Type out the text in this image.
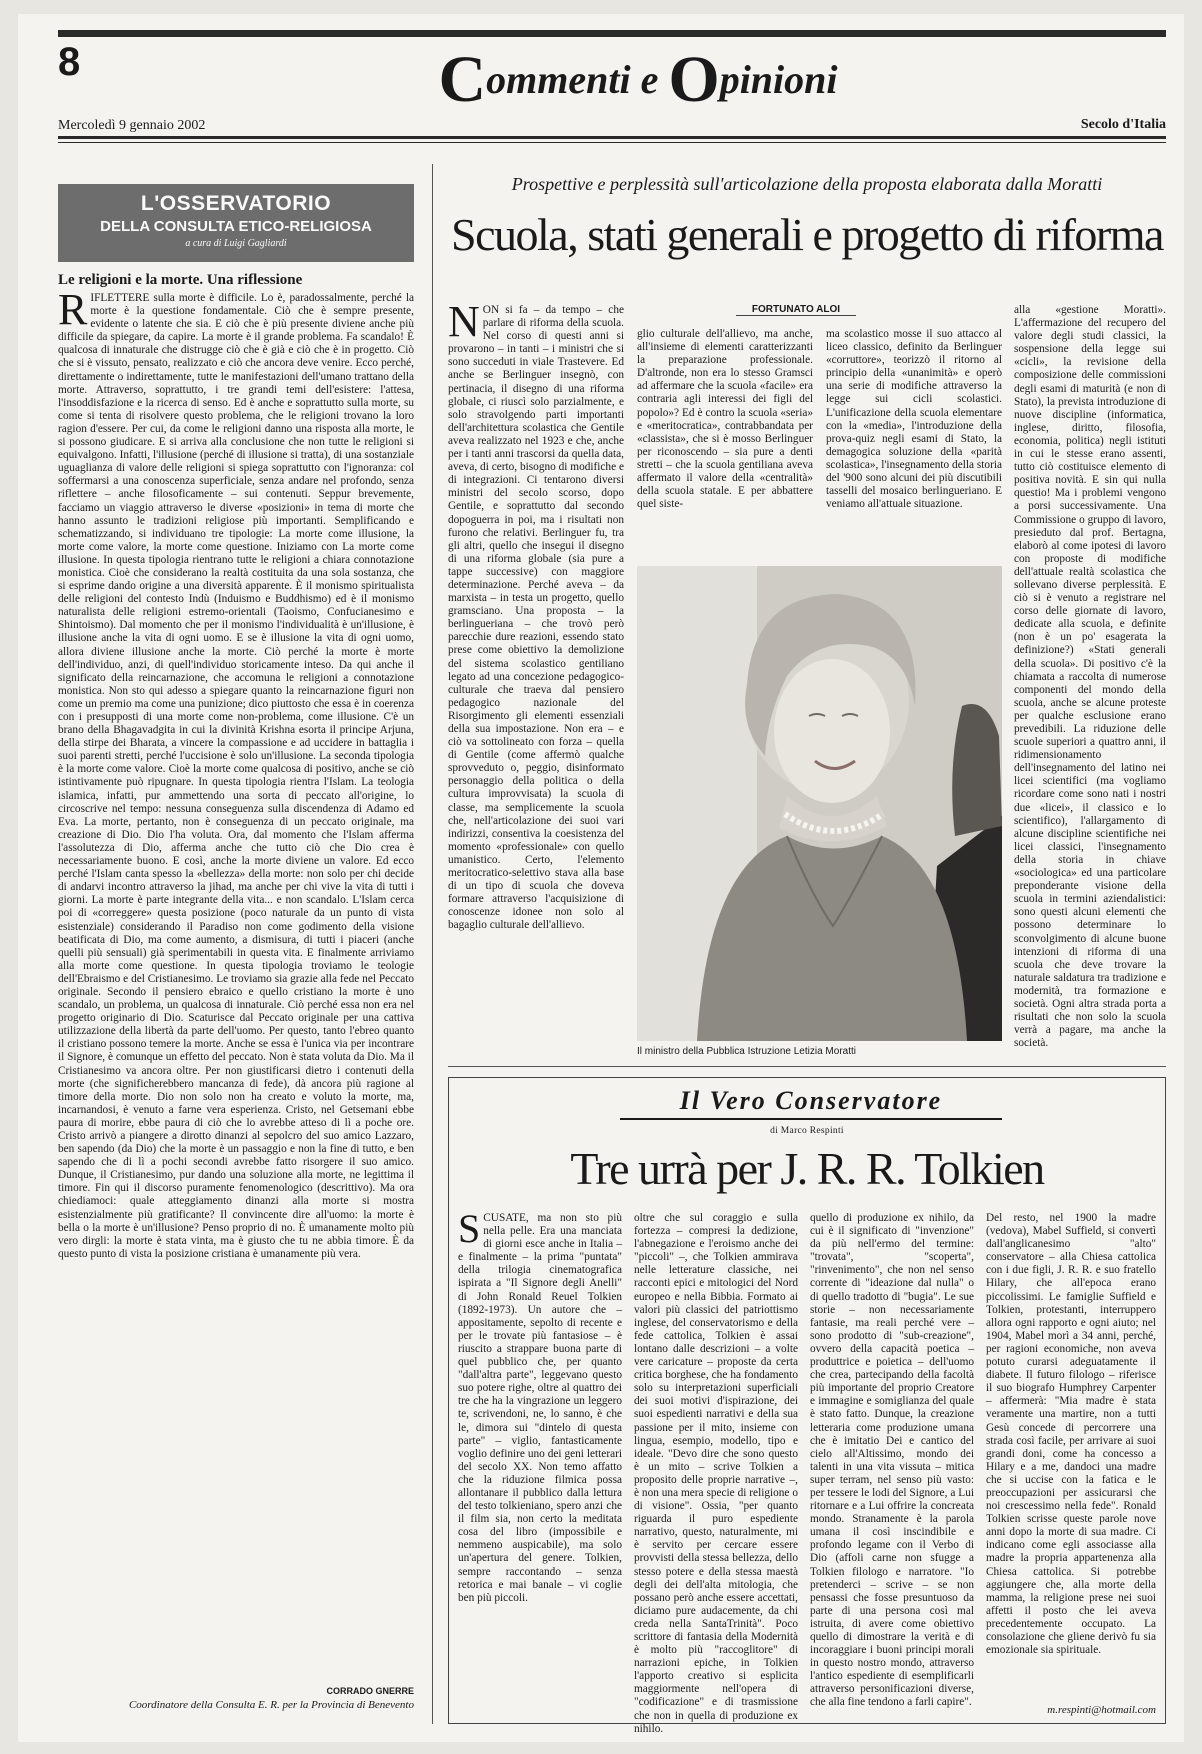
8	Commenti e Opinioni
Mercoledì 9 gennaio 2002	Secolo d'Italia
L'OSSERVATORIO
DELLA CONSULTA ETICO-RELIGIOSA
a cura di Luigi Gagliardi
Le religioni e la morte. Una riflessione
RIFLETTERE sulla morte è difficile. Lo è, paradossalmente, perché la morte è la questione fondamentale. Ciò che è sempre presente, evidente o latente che sia. E ciò che è più presente diviene anche più difficile da spiegare, da capire. La morte è il grande problema. Fa scandalo! È qualcosa di innaturale che distrugge ciò che è già e ciò che è in progetto. Ciò che si è vissuto, pensato, realizzato e ciò che ancora deve venire. Ecco perché, direttamente o indirettamente, tutte le manifestazioni dell'umano trattano della morte. Attraverso, soprattutto, i tre grandi temi dell'esistere: l'attesa, l'insoddisfazione e la ricerca di senso. Ed è anche e soprattutto sulla morte, su come si tenta di risolvere questo problema, che le religioni trovano la loro ragion d'essere. Per cui, da come le religioni danno una risposta alla morte, le si possono giudicare. E si arriva alla conclusione che non tutte le religioni si equivalgono. Infatti, l'illusione (perché di illusione si tratta), di una sostanziale uguaglianza di valore delle religioni si spiega soprattutto con l'ignoranza: col soffermarsi a una conoscenza superficiale, senza andare nel profondo, senza riflettere – anche filosoficamente – sui contenuti. Seppur brevemente, facciamo un viaggio attraverso le diverse «posizioni» in tema di morte che hanno assunto le tradizioni religiose più importanti. Semplificando e schematizzando, si individuano tre tipologie: La morte come illusione, la morte come valore, la morte come questione. Iniziamo con La morte come illusione. In questa tipologia rientrano tutte le religioni a chiara connotazione monistica. Cioè che considerano la realtà costituita da una sola sostanza, che si esprime dando origine a una diversità apparente. È il monismo spiritualista delle religioni del contesto Indù (Induismo e Buddhismo) ed è il monismo naturalista delle religioni estremo-orientali (Taoismo, Confucianesimo e Shintoismo). Dal momento che per il monismo l'individualità è un'illusione, è illusione anche la vita di ogni uomo. E se è illusione la vita di ogni uomo, allora diviene illusione anche la morte. Ciò perché la morte è morte dell'individuo, anzi, di quell'individuo storicamente inteso. Da qui anche il significato della reincarnazione, che accomuna le religioni a connotazione monistica. Non sto qui adesso a spiegare quanto la reincarnazione figuri non come un premio ma come una punizione; dico piuttosto che essa è in coerenza con i presupposti di una morte come non-problema, come illusione. C'è un brano della Bhagavadgita in cui la divinità Krishna esorta il principe Arjuna, della stirpe dei Bharata, a vincere la compassione e ad uccidere in battaglia i suoi parenti stretti, perché l'uccisione è solo un'illusione. La seconda tipologia è la morte come valore. Cioè la morte come qualcosa di positivo, anche se ciò istintivamente può ripugnare. In questa tipologia rientra l'Islam. La teologia islamica, infatti, pur ammettendo una sorta di peccato all'origine, lo circoscrive nel tempo: nessuna conseguenza sulla discendenza di Adamo ed Eva. La morte, pertanto, non è conseguenza di un peccato originale, ma creazione di Dio. Dio l'ha voluta. Ora, dal momento che l'Islam afferma l'assolutezza di Dio, afferma anche che tutto ciò che Dio crea è necessariamente buono. E così, anche la morte diviene un valore. Ed ecco perché l'Islam canta spesso la «bellezza» della morte: non solo per chi decide di andarvi incontro attraverso la jihad, ma anche per chi vive la vita di tutti i giorni. La morte è parte integrante della vita... e non scandalo. L'Islam cerca poi di «correggere» questa posizione (poco naturale da un punto di vista esistenziale) considerando il Paradiso non come godimento della visione beatificata di Dio, ma come aumento, a dismisura, di tutti i piaceri (anche quelli più sensuali) già sperimentabili in questa vita. E finalmente arriviamo alla morte come questione. In questa tipologia troviamo le teologie dell'Ebraismo e del Cristianesimo. Le troviamo sia grazie alla fede nel Peccato originale. Secondo il pensiero ebraico e quello cristiano la morte è uno scandalo, un problema, un qualcosa di innaturale. Ciò perché essa non era nel progetto originario di Dio. Scaturisce dal Peccato originale per una cattiva utilizzazione della libertà da parte dell'uomo. Per questo, tanto l'ebreo quanto il cristiano possono temere la morte. Anche se essa è l'unica via per incontrare il Signore, è comunque un effetto del peccato. Non è stata voluta da Dio. Ma il Cristianesimo va ancora oltre. Per non giustificarsi dietro i contenuti della morte (che significherebbero mancanza di fede), dà ancora più ragione al timore della morte. Dio non solo non ha creato e voluto la morte, ma, incarnandosi, è venuto a farne vera esperienza. Cristo, nel Getsemani ebbe paura di morire, ebbe paura di ciò che lo avrebbe atteso di lì a poche ore. Cristo arrivò a piangere a dirotto dinanzi al sepolcro del suo amico Lazzaro, ben sapendo (da Dio) che la morte è un passaggio e non la fine di tutto, e ben sapendo che di lì a pochi secondi avrebbe fatto risorgere il suo amico. Dunque, il Cristianesimo, pur dando una soluzione alla morte, ne legittima il timore. Fin qui il discorso puramente fenomenologico (descrittivo). Ma ora chiediamoci: quale atteggiamento dinanzi alla morte si mostra esistenzialmente più gratificante? Il convincente dire all'uomo: la morte è bella o la morte è un'illusione? Penso proprio di no. È umanamente molto più vero dirgli: la morte è stata vinta, ma è giusto che tu ne abbia timore. È da questo punto di vista la posizione cristiana è umanamente più vera.
CORRADO GNERRE
Coordinatore della Consulta E. R. per la Provincia di Benevento
Prospettive e perplessità sull'articolazione della proposta elaborata dalla Moratti
Scuola, stati generali e progetto di riforma
FORTUNATO ALOI
NON si fa – da tempo – che parlare di riforma della scuola. Nel corso di questi anni si provarono – in tanti – i ministri che si sono succeduti in viale Trastevere. Ed anche se Berlinguer insegnò, con pertinacia, il disegno di una riforma globale, ci riuscì solo parzialmente, e solo stravolgendo parti importanti dell'architettura scolastica che Gentile aveva realizzato nel 1923 e che, anche per i tanti anni trascorsi da quella data, aveva, di certo, bisogno di modifiche e di integrazioni. Ci tentarono diversi ministri del secolo scorso, dopo Gentile, e soprattutto dal secondo dopoguerra in poi, ma i risultati non furono che relativi. Berlinguer fu, tra gli altri, quello che insegui il disegno di una riforma globale (sia pure a tappe successive) con maggiore determinazione. Perché aveva – da marxista – in testa un progetto, quello gramsciano. Una proposta – la berlingueriana – che trovò però parecchie dure reazioni, essendo stato prese come obiettivo la demolizione del sistema scolastico gentiliano legato ad una concezione pedagogico-culturale che traeva dal pensiero pedagogico nazionale del Risorgimento gli elementi essenziali della sua impostazione. Non era – e ciò va sottolineato con forza – quella di Gentile (come affermò qualche sprovveduto o, peggio, disinformato personaggio della politica o della cultura improvvisata) la scuola di classe, ma semplicemente la scuola che, nell'articolazione dei suoi vari indirizzi, consentiva la coesistenza del momento «professionale» con quello umanistico. Certo, l'elemento meritocratico-selettivo stava alla base di un tipo di scuola che doveva formare attraverso l'acquisizione di conoscenze idonee non solo al bagaglio culturale dell'allievo.
glio culturale dell'allievo, ma anche, all'insieme di elementi caratterizzanti la preparazione professionale. D'altronde, non era lo stesso Gramsci ad affermare che la scuola «facile» era contraria agli interessi dei figli del popolo»? Ed è contro la scuola «seria» e «meritocratica», contrabbandata per «classista», che si è mosso Berlinguer per riconoscendo – sia pure a denti stretti – che la scuola gentiliana aveva affermato il valore della «centralità» della scuola statale. E per abbattere quel siste-
ma scolastico mosse il suo attacco al liceo classico, definito da Berlinguer «corruttore», teorizzò il ritorno al principio della «unanimità» e operò una serie di modifiche attraverso la legge sui cicli scolastici. L'unificazione della scuola elementare con la «media», l'introduzione della prova-quiz negli esami di Stato, la demagogica soluzione della «parità scolastica», l'insegnamento della storia del '900 sono alcuni dei più discutibili tasselli del mosaico berlingueriano. E veniamo all'attuale situazione.
alla «gestione Moratti». L'affermazione del recupero del valore degli studi classici, la sospensione della legge sui «cicli», la revisione della composizione delle commissioni degli esami di maturità (e non di Stato), la prevista introduzione di nuove discipline (informatica, inglese, diritto, filosofia, economia, politica) negli istituti in cui le stesse erano assenti, tutto ciò costituisce elemento di positiva novità. E sin qui nulla questio! Ma i problemi vengono a porsi successivamente. Una Commissione o gruppo di lavoro, presieduto dal prof. Bertagna, elaborò al come ipotesi di lavoro con proposte di modifiche dell'attuale realtà scolastica che sollevano diverse perplessità. E ciò si è venuto a registrare nel corso delle giornate di lavoro, dedicate alla scuola, e definite (non è un po' esagerata la definizione?) «Stati generali della scuola». Di positivo c'è la chiamata a raccolta di numerose componenti del mondo della scuola, anche se alcune proteste per qualche esclusione erano prevedibili. La riduzione delle scuole superiori a quattro anni, il ridimensionamento dell'insegnamento del latino nei licei scientifici (ma vogliamo ricordare come sono nati i nostri due «licei», il classico e lo scientifico), l'allargamento di alcune discipline scientifiche nei licei classici, l'insegnamento della storia in chiave «sociologica» ed una particolare preponderante visione della scuola in termini aziendalistici: sono questi alcuni elementi che possono determinare lo sconvolgimento di alcune buone intenzioni di riforma di una scuola che deve trovare la naturale saldatura tra tradizione e modernità, tra formazione e società. Ogni altra strada porta a risultati che non solo la scuola verrà a pagare, ma anche la società.
Il ministro della Pubblica Istruzione Letizia Moratti
Il Vero Conservatore
di Marco Respinti
Tre urrà per J. R. R. Tolkien
SCUSATE, ma non sto più nella pelle. Era una manciata di giorni esce anche in Italia – e finalmente – la prima "puntata" della trilogia cinematografica ispirata a "Il Signore degli Anelli" di John Ronald Reuel Tolkien (1892-1973). Un autore che – appositamente, sepolto di recente e per le trovate più fantasiose – è riuscito a strappare buona parte di quel pubblico che, per quanto "dall'altra parte", leggevano questo suo potere righe, oltre al quattro dei tre che ha la vingrazione un leggero te, scrivendoni, ne, lo sanno, è che le, dimora sui "dintelo di questa parte" – viglio, fantasticamente voglio definire uno dei geni letterari del secolo XX. Non temo affatto che la riduzione filmica possa allontanare il pubblico dalla lettura del testo tolkieniano, spero anzi che il film sia, non certo la meditata cosa del libro (impossibile e nemmeno auspicabile), ma solo un'apertura del genere. Tolkien, sempre raccontando – senza retorica e mai banale – vi coglie ben più piccoli.
oltre che sul coraggio e sulla fortezza – compresi la dedizione, l'abnegazione e l'eroismo anche dei "piccoli" –, che Tolkien ammirava nelle letterature classiche, nei racconti epici e mitologici del Nord europeo e nella Bibbia. Formato ai valori più classici del patriottismo inglese, del conservatorismo e della fede cattolica, Tolkien è assai lontano dalle descrizioni – a volte vere caricature – proposte da certa critica borghese, che ha fondamento solo su interpretazioni superficiali dei suoi motivi d'ispirazione, dei suoi espedienti narrativi e della sua passione per il mito, insieme con lingua, esempio, modello, tipo e ideale. "Devo dire che sono questo è un mito – scrive Tolkien a proposito delle proprie narrative –, è non una mera specie di religione o di visione". Ossia, "per quanto riguarda il puro espediente narrativo, questo, naturalmente, mi è servito per cercare essere provvisti della stessa bellezza, dello stesso potere e della stessa maestà degli dei dell'alta mitologia, che possano però anche essere accettati, diciamo pure audacemente, da chi creda nella SantaTrinità". Poco scrittore di fantasia della Modernità è molto più "raccoglitore" di narrazioni epiche, in Tolkien l'apporto creativo si esplicita maggiormente nell'opera di "codificazione" e di trasmissione che non in quella di produzione ex nihilo.
quello di produzione ex nihilo, da cui è il significato di "invenzione" da più nell'ermo del termine: "trovata", "scoperta", "rinvenimento", che non nel senso corrente di "ideazione dal nulla" o di quello tradotto di "bugia". Le sue storie – non necessariamente fantasie, ma reali perché vere – sono prodotto di "sub-creazione", ovvero della capacità poetica – produttrice e poietica – dell'uomo che crea, partecipando della facoltà più importante del proprio Creatore e immagine e somiglianza del quale è stato fatto. Dunque, la creazione letteraria come produzione umana che è imitatio Dei e cantico del cielo all'Altissimo, mondo dei talenti in una vita vissuta – mitica super terram, nel senso più vasto: per tessere le lodi del Signore, a Lui ritornare e a Lui offrire la concreata mondo. Stranamente è la parola umana il così inscindibile e profondo legame con il Verbo di Dio (affoli carne non sfugge a Tolkien filologo e narratore. "Io pretenderci – scrive – se non pensassi che fosse presuntuoso da parte di una persona così mal istruita, di avere come obiettivo quello di dimostrare la verità e di incoraggiare i buoni principi morali in questo nostro mondo, attraverso l'antico espediente di esemplificarli attraverso personificazioni diverse, che alla fine tendono a farli capire".
Del resto, nel 1900 la madre (vedova), Mabel Suffield, si convertì dall'anglicanesimo "alto" conservatore – alla Chiesa cattolica con i due figli, J. R. R. e suo fratello Hilary, che all'epoca erano piccolissimi. Le famiglie Suffield e Tolkien, protestanti, interruppero allora ogni rapporto e ogni aiuto; nel 1904, Mabel morì a 34 anni, perché, per ragioni economiche, non aveva potuto curarsi adeguatamente il diabete. Il futuro filologo – riferisce il suo biografo Humphrey Carpenter – affermerà: "Mia madre è stata veramente una martire, non a tutti Gesù concede di percorrere una strada così facile, per arrivare ai suoi grandi doni, come ha concesso a Hilary e a me, dandoci una madre che si uccise con la fatica e le preoccupazioni per assicurarsi che noi crescessimo nella fede". Ronald Tolkien scrisse queste parole nove anni dopo la morte di sua madre. Ci indicano come egli associasse alla madre la propria appartenenza alla Chiesa cattolica. Si potrebbe aggiungere che, alla morte della mamma, la religione prese nei suoi affetti il posto che lei aveva precedentemente occupato. La consolazione che gliene derivò fu sia emozionale sia spirituale.
m.respinti@hotmail.com
